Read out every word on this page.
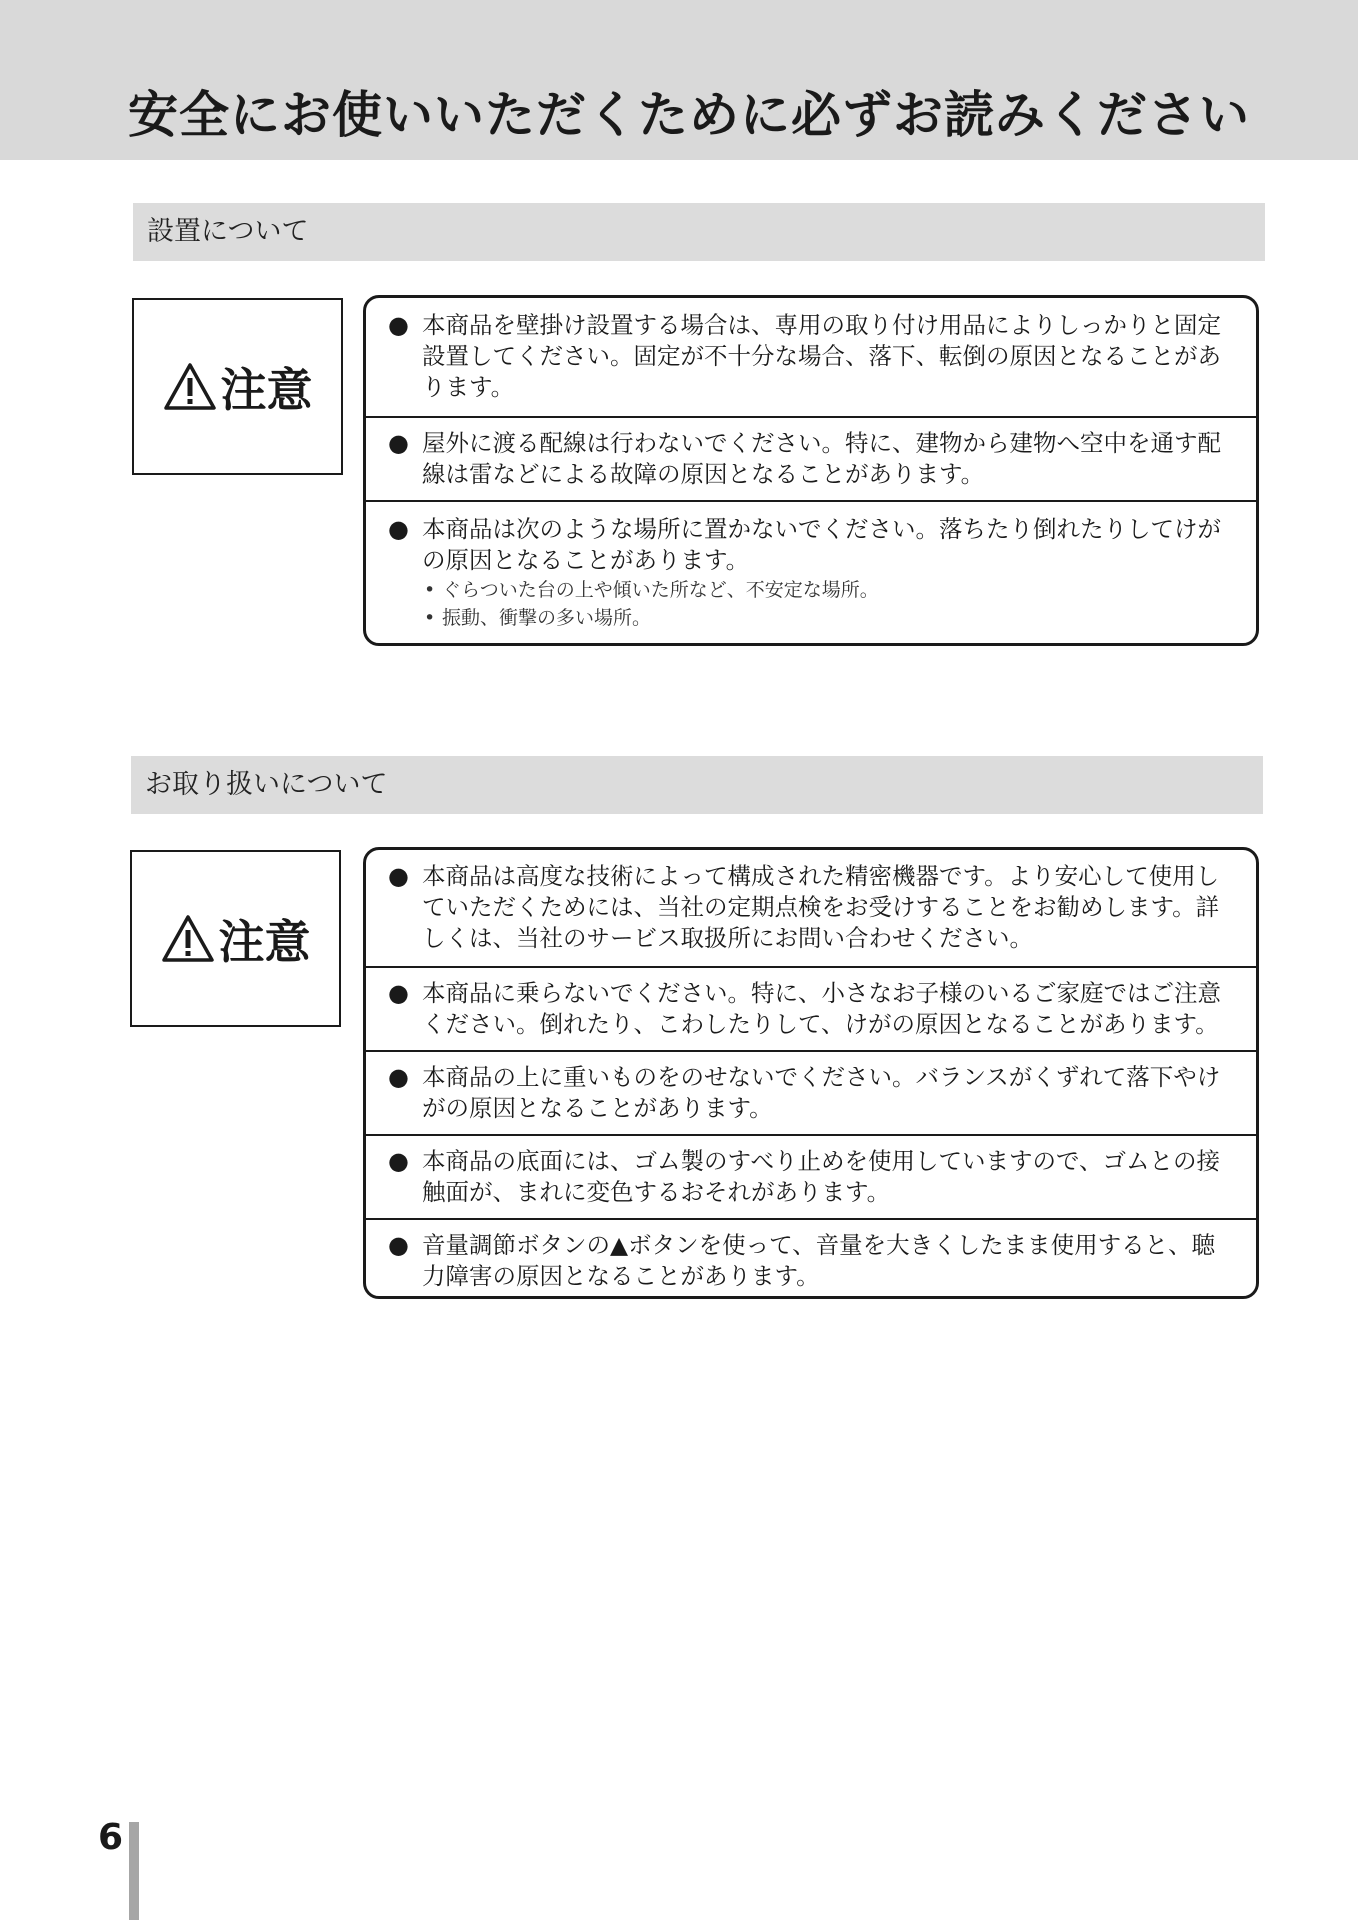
安全にお使いいただくために必ずお読みください
設置について
注意
● 本商品を壁掛け設置する場合は、専用の取り付け用品によりしっかりと固定設置してください。固定が不十分な場合、落下、転倒の原因となることがあります。
● 屋外に渡る配線は行わないでください。特に、建物から建物へ空中を通す配線は雷などによる故障の原因となることがあります。
● 本商品は次のような場所に置かないでください。落ちたり倒れたりしてけがの原因となることがあります。
• ぐらついた台の上や傾いた所など、不安定な場所。
• 振動、衝撃の多い場所。
お取り扱いについて
注意
● 本商品は高度な技術によって構成された精密機器です。より安心して使用していただくためには、当社の定期点検をお受けすることをお勧めします。詳しくは、当社のサービス取扱所にお問い合わせください。
● 本商品に乗らないでください。特に、小さなお子様のいるご家庭ではご注意ください。倒れたり、こわしたりして、けがの原因となることがあります。
● 本商品の上に重いものをのせないでください。バランスがくずれて落下やけがの原因となることがあります。
● 本商品の底面には、ゴム製のすべり止めを使用していますので、ゴムとの接触面が、まれに変色するおそれがあります。
● 音量調節ボタンの▲ボタンを使って、音量を大きくしたまま使用すると、聴力障害の原因となることがあります。
6
